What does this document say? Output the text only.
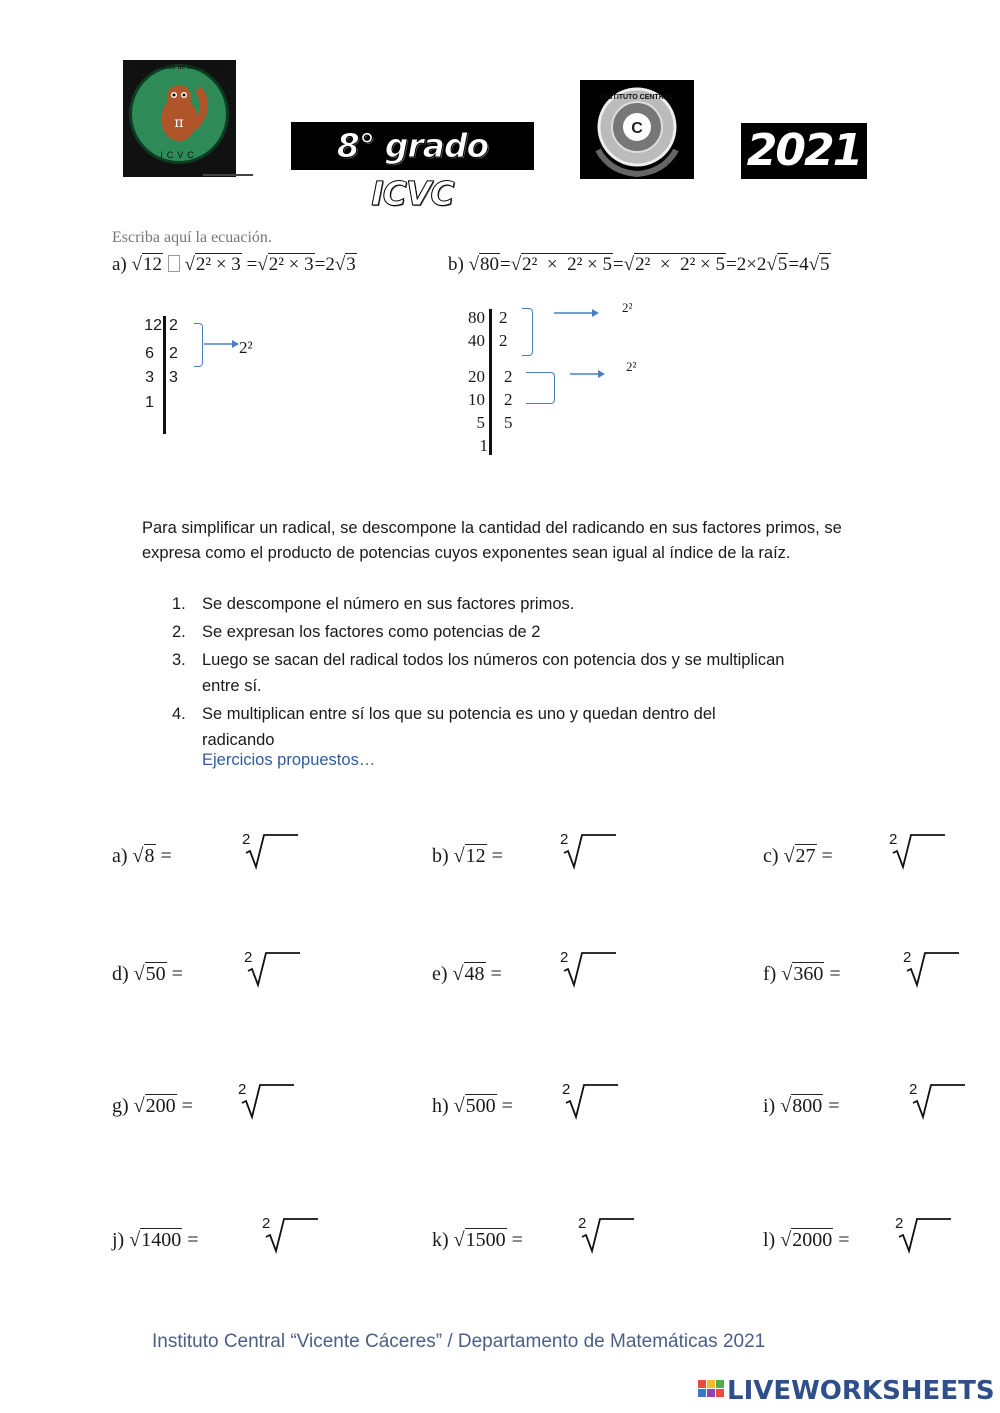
π
Departamento de Matemáticas
ICVC	8° grado ICVC
C
INSTITUTO CENTRAL
2021
Escriba aquí la ecuación.
a) √12 √2² × 3 =√2² × 3=2√3
12
6
3
1
2
2
3
2²
b) √80=√2²  ×  2² × 5=√2²  ×  2² × 5=2×2√5=4√5
80
40
20
10
5
1
2
2
2
2
5
2²
2²
Para simplificar un radical, se descompone la cantidad del radicando en sus factores primos, se expresa como el producto de potencias cuyos exponentes sean igual al índice de la raíz.
1. Se descompone el número en sus factores primos.
2. Se expresan los factores como potencias de 2
3. Luego se sacan del radical todos los números con potencia dos y se multiplican entre sí.
4. Se multiplican entre sí los que su potencia es uno y quedan dentro del radicando
Ejercicios propuestos…
a) √8 =
2
b) √12 =
2
c) √27 =
2
d) √50 =
2
e) √48 =
2
f) √360 =
2
g) √200 =
2
h) √500 =
2
i) √800 =
2
j) √1400 =
2
k) √1500 =
2
l) √2000 =
2
Instituto Central “Vicente Cáceres” / Departamento de Matemáticas 2021
LIVEWORKSHEETS
